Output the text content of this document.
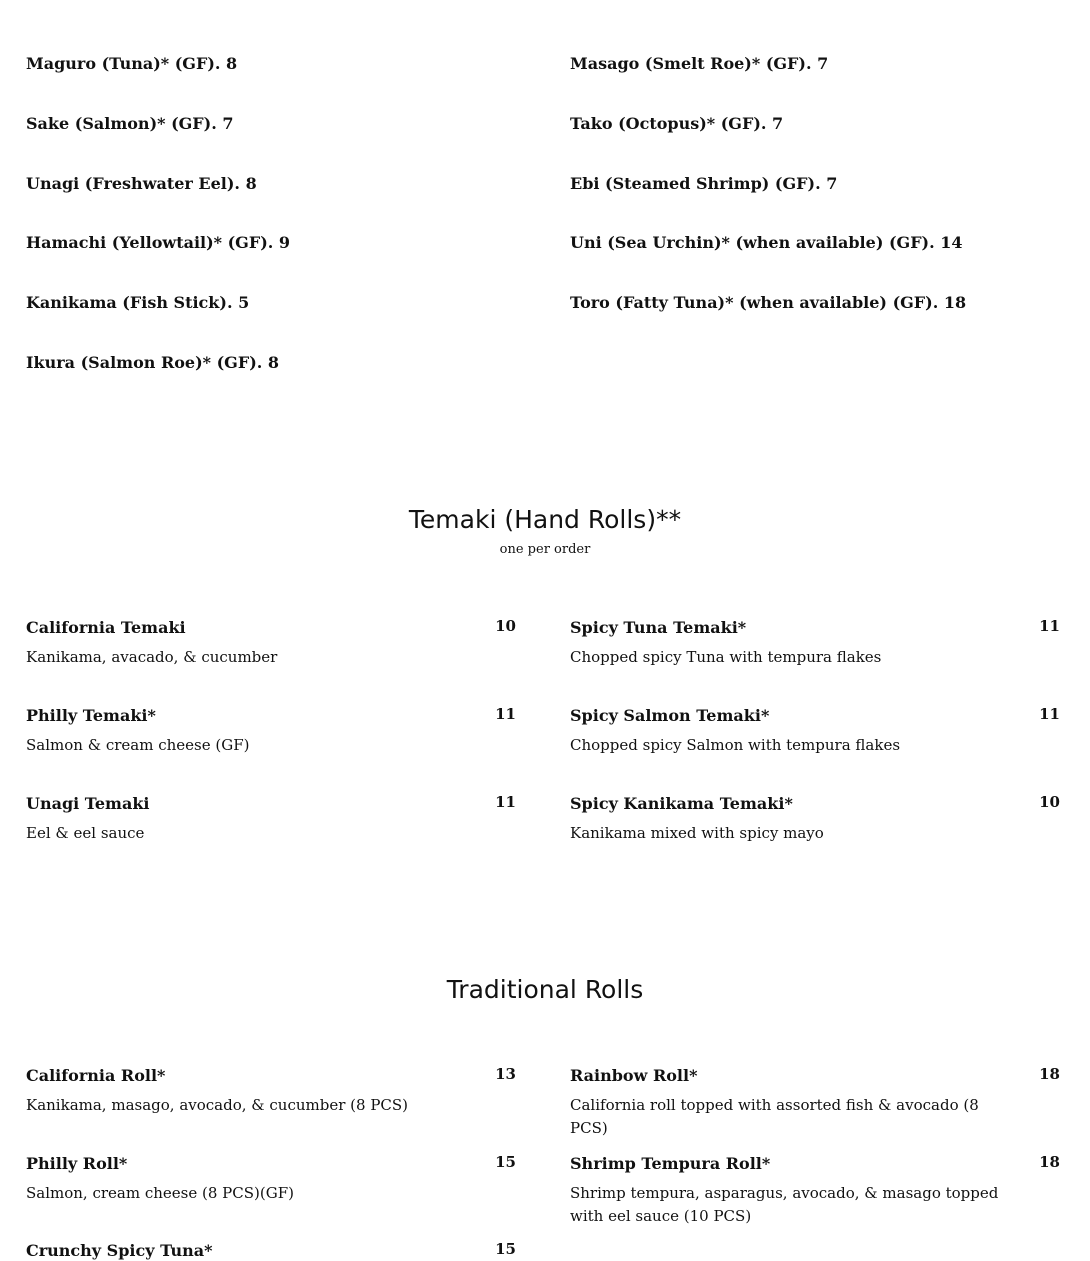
Maguro (Tuna)* (GF). 8
Sake (Salmon)* (GF). 7
Unagi (Freshwater Eel). 8
Hamachi (Yellowtail)* (GF). 9
Kanikama (Fish Stick). 5
Ikura (Salmon Roe)* (GF). 8
Masago (Smelt Roe)* (GF). 7
Tako (Octopus)* (GF). 7
Ebi (Steamed Shrimp) (GF). 7
Uni (Sea Urchin)* (when available) (GF). 14
Toro (Fatty Tuna)* (when available) (GF). 18
Temaki (Hand Rolls)**
one per order
California Temaki	10
Kanikama, avacado, & cucumber
Philly Temaki*	11
Salmon & cream cheese (GF)
Unagi Temaki	11
Eel & eel sauce
Spicy Tuna Temaki*	11
Chopped spicy Tuna with tempura flakes
Spicy Salmon Temaki*	11
Chopped spicy Salmon with tempura flakes
Spicy Kanikama Temaki*	10
Kanikama mixed with spicy mayo
Traditional Rolls
California Roll*	13
Kanikama, masago, avocado, & cucumber (8 PCS)
Philly Roll*	15
Salmon, cream cheese (8 PCS)(GF)
Crunchy Spicy Tuna*	15
Rainbow Roll*	18
California roll topped with assorted fish & avocado (8 PCS)
Shrimp Tempura Roll*	18
Shrimp tempura, asparagus, avocado, & masago topped with eel sauce (10 PCS)
